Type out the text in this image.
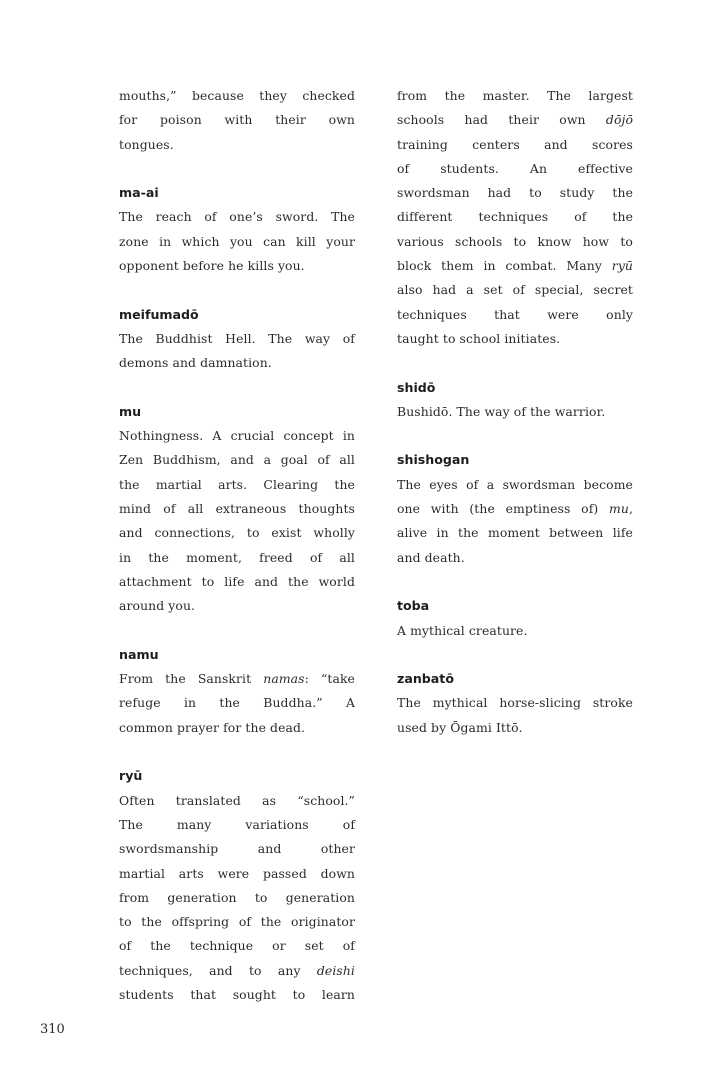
mouths,” because they checked
for poison with their own
tongues.
ma-ai
The reach of one’s sword. The
zone in which you can kill your
opponent before he kills you.
meifumadō
The Buddhist Hell. The way of
demons and damnation.
mu
Nothingness. A crucial concept in
Zen Buddhism, and a goal of all
the martial arts. Clearing the
mind of all extraneous thoughts
and connections, to exist wholly
in the moment, freed of all
attachment to life and the world
around you.
namu
From the Sanskrit namas: “take
refuge in the Buddha.” A
common prayer for the dead.
ryū
Often translated as “school.”
The many variations of
swordsmanship and other
martial arts were passed down
from generation to generation
to the offspring of the originator
of the technique or set of
techniques, and to any deishi
students that sought to learn
from the master. The largest
schools had their own dōjō
training centers and scores
of students. An effective
swordsman had to study the
different techniques of the
various schools to know how to
block them in combat. Many ryū
also had a set of special, secret
techniques that were only
taught to school initiates.
shidō
Bushidō. The way of the warrior.
shishogan
The eyes of a swordsman become
one with (the emptiness of) mu,
alive in the moment between life
and death.
toba
A mythical creature.
zanbatō
The mythical horse-slicing stroke
used by Ōgami Ittō.
310
